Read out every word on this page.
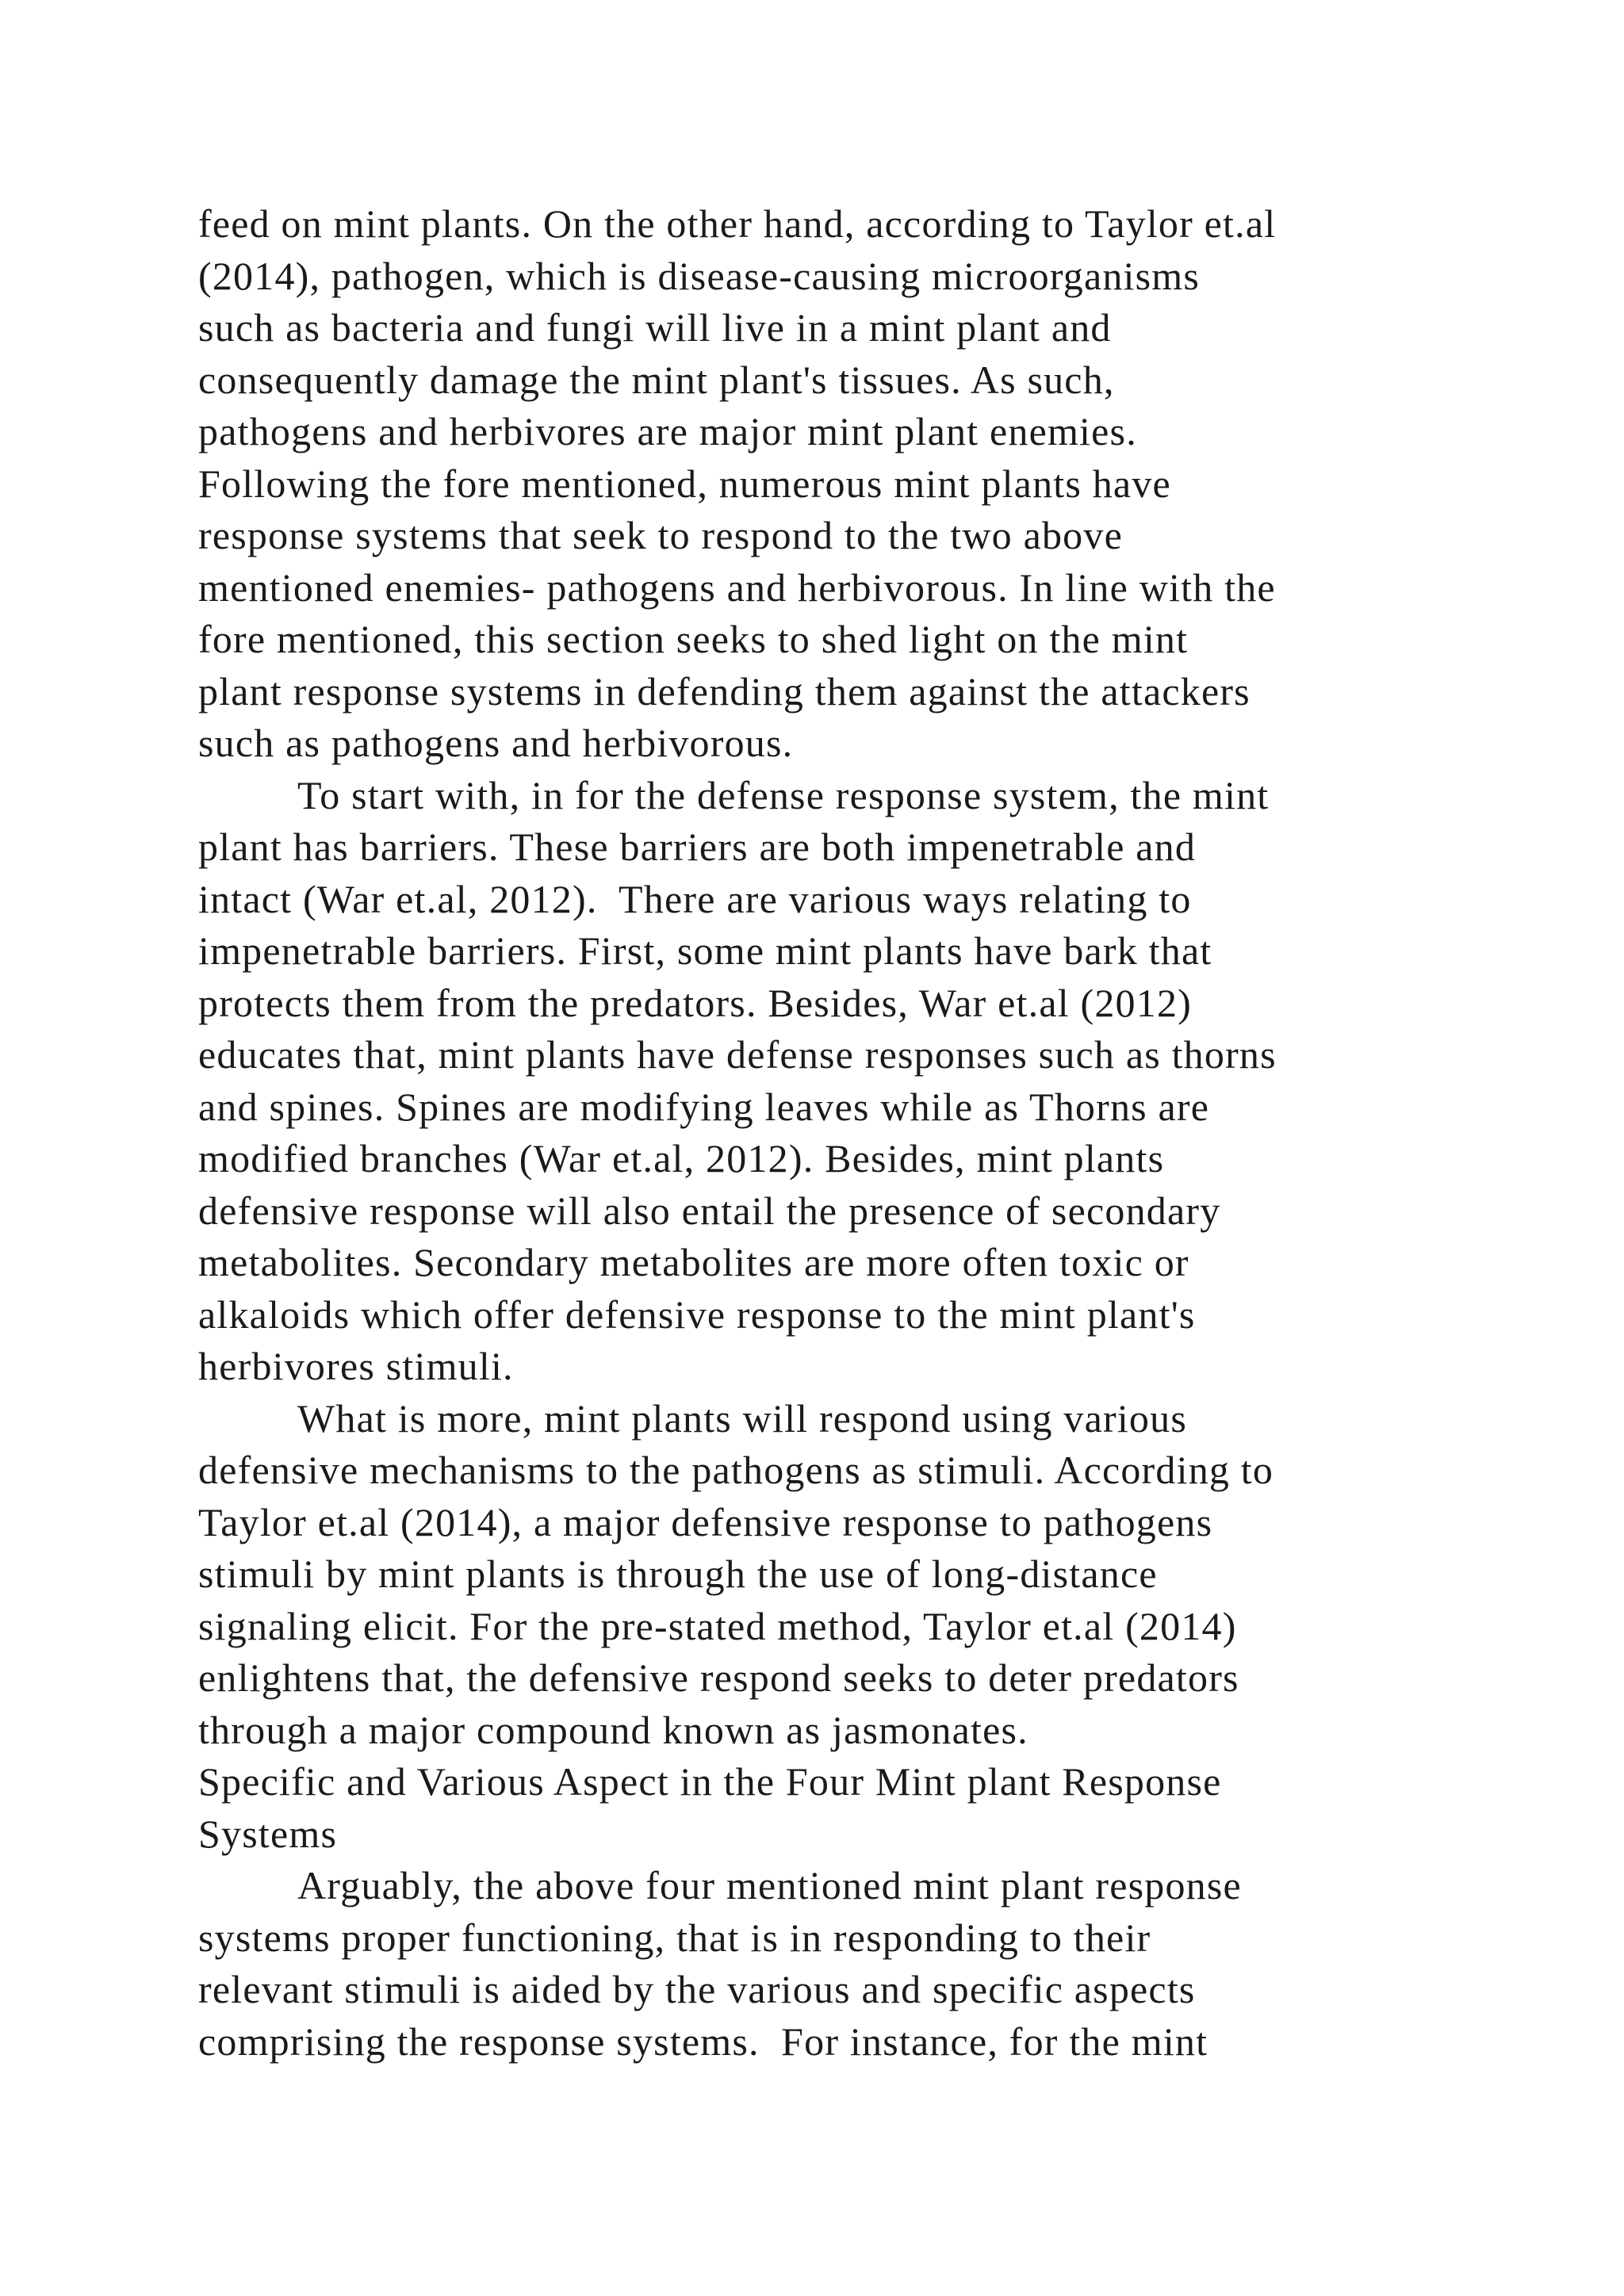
feed on mint plants. On the other hand, according to Taylor et.al
(2014), pathogen, which is disease-causing microorganisms
such as bacteria and fungi will live in a mint plant and
consequently damage the mint plant's tissues. As such,
pathogens and herbivores are major mint plant enemies.
Following the fore mentioned, numerous mint plants have
response systems that seek to respond to the two above
mentioned enemies- pathogens and herbivorous. In line with the
fore mentioned, this section seeks to shed light on the mint
plant response systems in defending them against the attackers
such as pathogens and herbivorous.
To start with, in for the defense response system, the mint
plant has barriers. These barriers are both impenetrable and
intact (War et.al, 2012).  There are various ways relating to
impenetrable barriers. First, some mint plants have bark that
protects them from the predators. Besides, War et.al (2012)
educates that, mint plants have defense responses such as thorns
and spines. Spines are modifying leaves while as Thorns are
modified branches (War et.al, 2012). Besides, mint plants
defensive response will also entail the presence of secondary
metabolites. Secondary metabolites are more often toxic or
alkaloids which offer defensive response to the mint plant's
herbivores stimuli.
What is more, mint plants will respond using various
defensive mechanisms to the pathogens as stimuli. According to
Taylor et.al (2014), a major defensive response to pathogens
stimuli by mint plants is through the use of long-distance
signaling elicit. For the pre-stated method, Taylor et.al (2014)
enlightens that, the defensive respond seeks to deter predators
through a major compound known as jasmonates.
Specific and Various Aspect in the Four Mint plant Response
Systems
Arguably, the above four mentioned mint plant response
systems proper functioning, that is in responding to their
relevant stimuli is aided by the various and specific aspects
comprising the response systems.  For instance, for the mint
